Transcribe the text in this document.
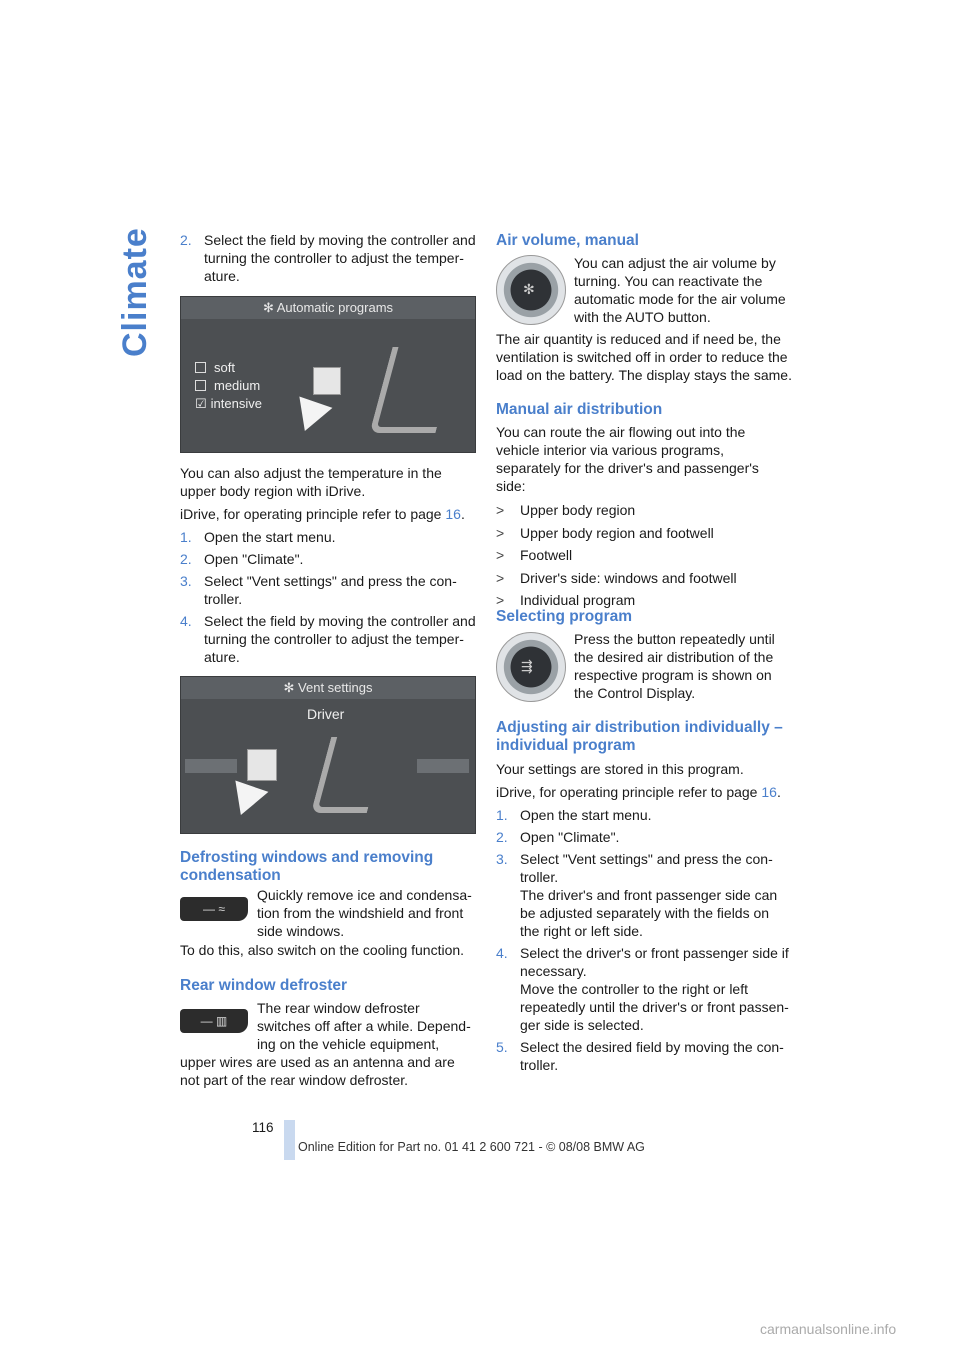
Climate	2. Select the field by moving the controller and turning the controller to adjust the temper-ature.

✻ Automatic programs
soft
medium
☑ intensive

You can also adjust the temperature in the upper body region with iDrive.

iDrive, for operating principle refer to page 16.

1. Open the start menu.

2. Open "Climate".

3. Select "Vent settings" and press the con-troller.

4. Select the field by moving the controller and turning the controller to adjust the temper-ature.

✻ Vent settings
Driver
Defrosting windows and removing condensation
— ≈

Quickly remove ice and condensa-tion from the windshield and front side windows.

To do this, also switch on the cooling function.

Rear window defroster
— ▥

The rear window defroster switches off after a while. Depend-ing on the vehicle equipment,

upper wires are used as an antenna and are not part of the rear window defroster.

Air volume, manual
✻

You can adjust the air volume by turning. You can reactivate the automatic mode for the air volume with the AUTO button.

The air quantity is reduced and if need be, the ventilation is switched off in order to reduce the load on the battery. The display stays the same.

Manual air distribution

You can route the air flowing out into the vehicle interior via various programs, separately for the driver's and passenger's side:

> Upper body region
> Upper body region and footwell
> Footwell
> Driver's side: windows and footwell
> Individual program
Selecting program
⇶

Press the button repeatedly until the desired air distribution of the respective program is shown on the Control Display.

Adjusting air distribution individually – individual program

Your settings are stored in this program.

iDrive, for operating principle refer to page 16.

1. Open the start menu.

2. Open "Climate".

3. Select "Vent settings" and press the con-troller.
The driver's and front passenger side can be adjusted separately with the fields on the right or left side.

4. Select the driver's or front passenger side if necessary.
Move the controller to the right or left repeatedly until the driver's or front passen-ger side is selected.

5. Select the desired field by moving the con-troller.

116
Online Edition for Part no. 01 41 2 600 721 - © 08/08 BMW AG
carmanualsonline.info
